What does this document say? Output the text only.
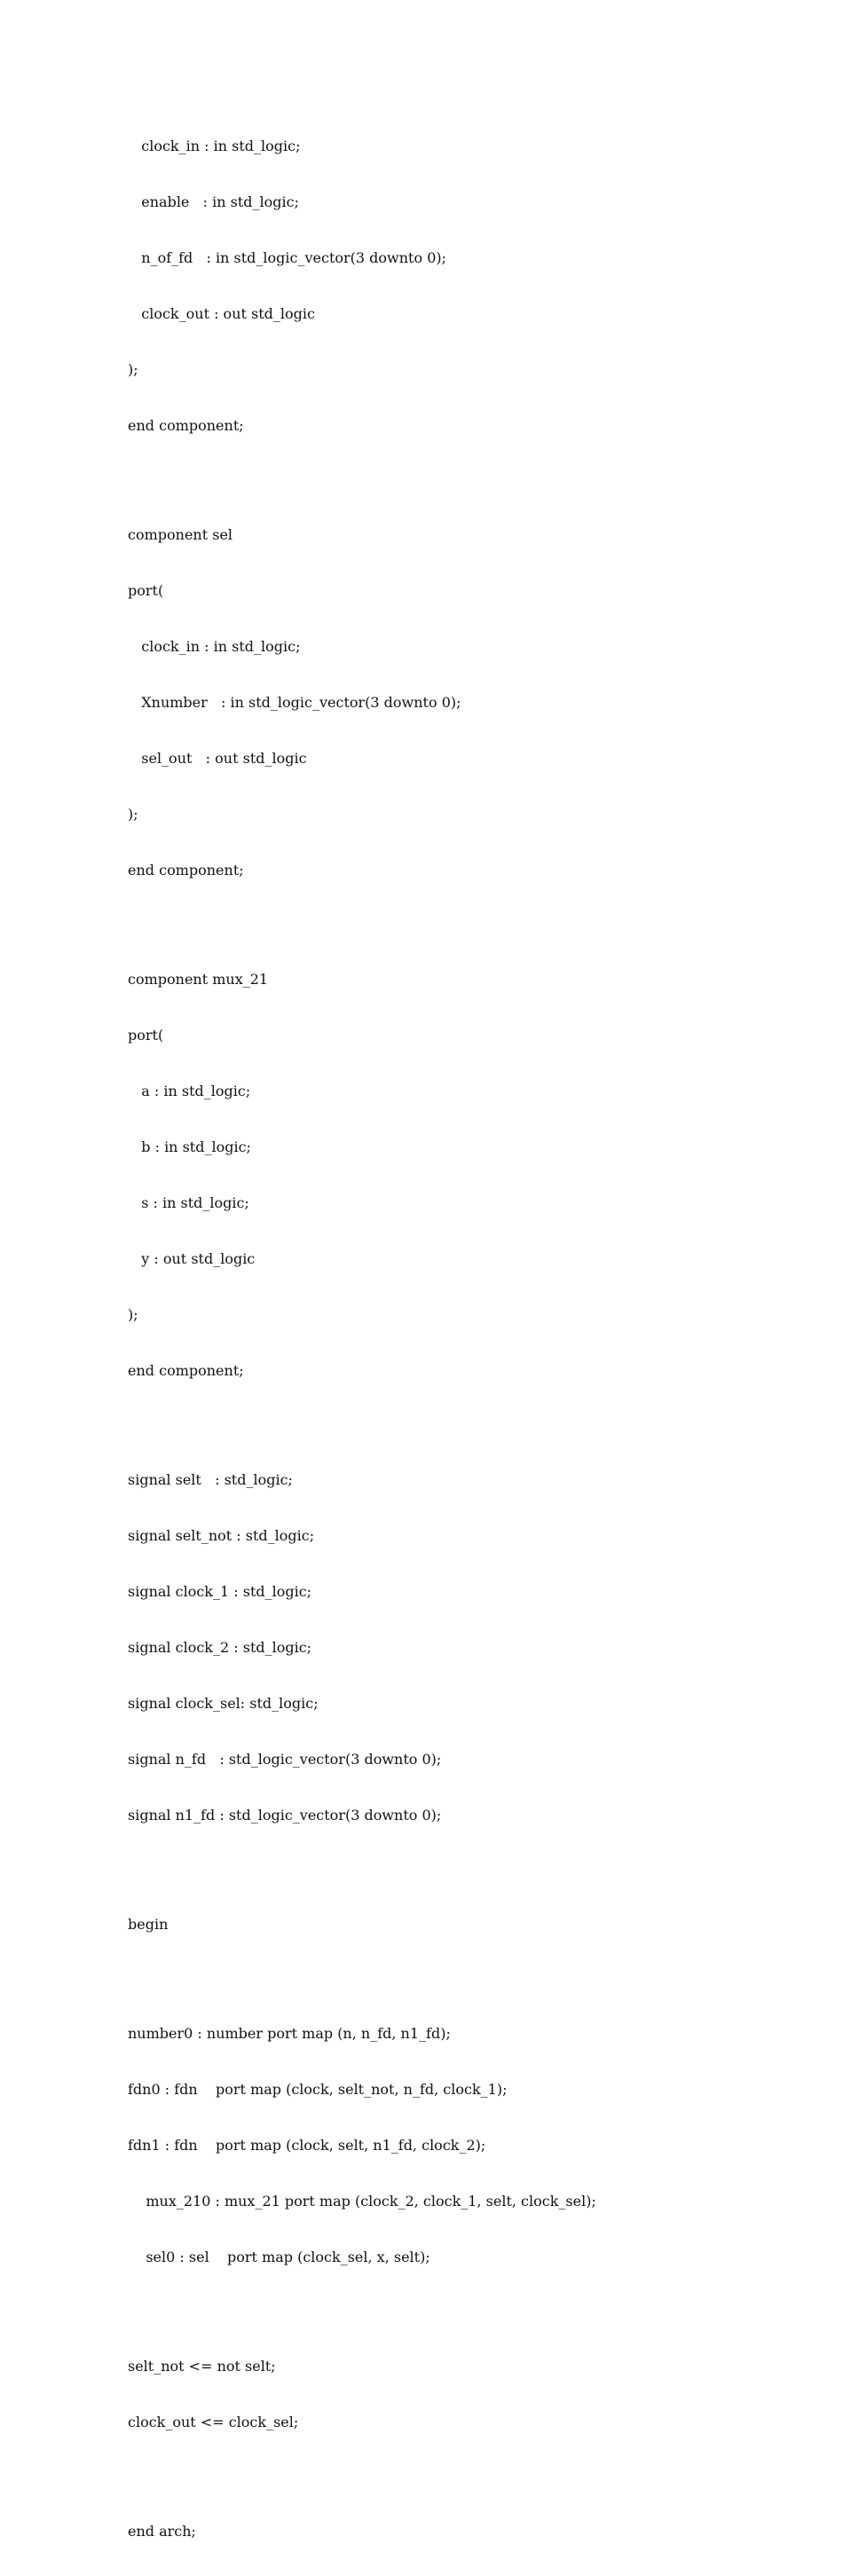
clock_in : in std_logic;

enable   : in std_logic;

n_of_fd   : in std_logic_vector(3 downto 0);

clock_out : out std_logic

);

end component;

component sel

port(

clock_in : in std_logic;

Xnumber   : in std_logic_vector(3 downto 0);

sel_out   : out std_logic

);

end component;

component mux_21

port(

a : in std_logic;

b : in std_logic;

s : in std_logic;

y : out std_logic

);

end component;

signal selt   : std_logic;

signal selt_not : std_logic;

signal clock_1 : std_logic;

signal clock_2 : std_logic;

signal clock_sel: std_logic;

signal n_fd   : std_logic_vector(3 downto 0);

signal n1_fd : std_logic_vector(3 downto 0);

begin

number0 : number port map (n, n_fd, n1_fd);

fdn0 : fdn    port map (clock, selt_not, n_fd, clock_1);

fdn1 : fdn    port map (clock, selt, n1_fd, clock_2);

mux_210 : mux_21 port map (clock_2, clock_1, selt, clock_sel);

sel0 : sel    port map (clock_sel, x, selt);

selt_not <= not selt;

clock_out <= clock_sel;

end arch;
